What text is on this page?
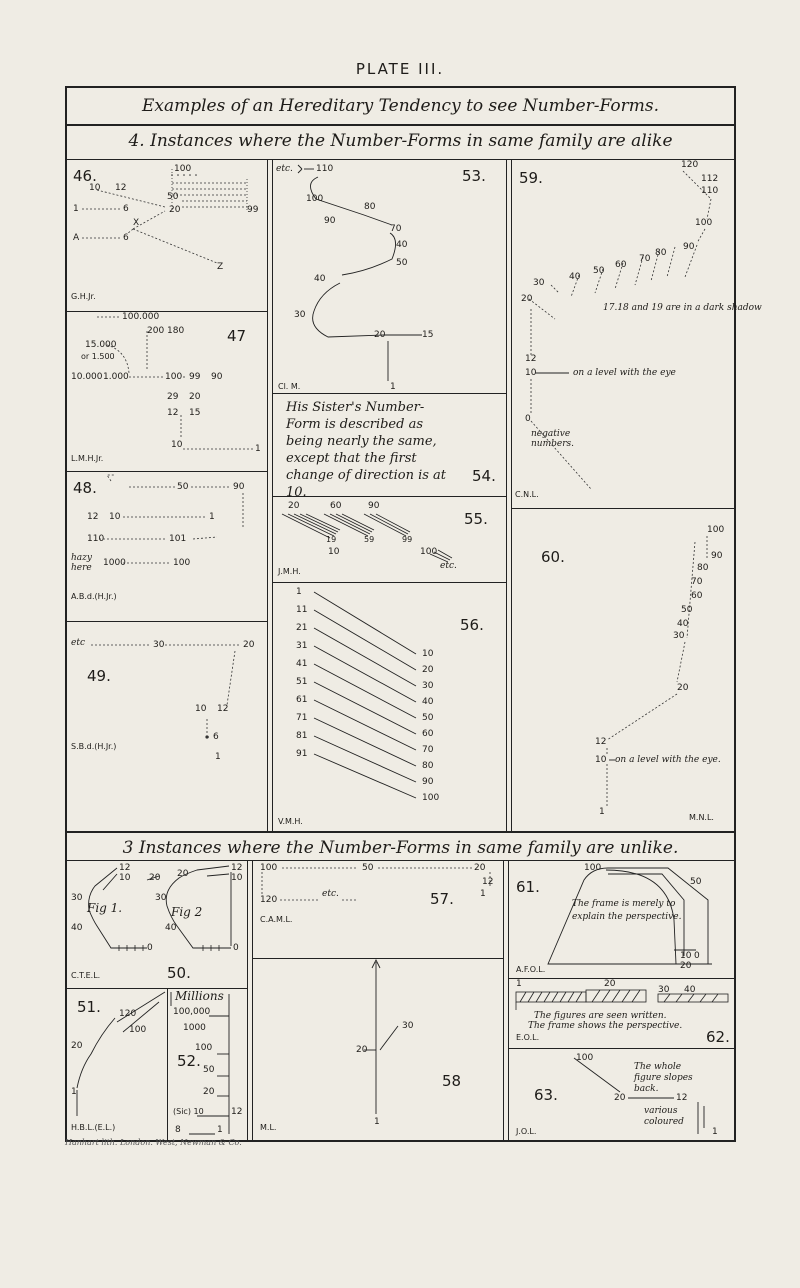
PLATE III.
Examples of an Hereditary Tendency to see Number-Forms.
4. Instances where the Number-Forms in same family are alike
3 Instances where the Number-Forms in same family are unlike.
46.	100
10 12
1	6
50
20
X
A	6
Z
99
G.H.Jr.
47
100.000
200 180
15.000
or 1.500
10.000 1.000	100 99 90
20
29
12 15
10	1
L.M.H.Jr.
48.	50	90
12 10	1
110	101
hazy here	1000	100
A.B.d.(H.Jr.)
49.
etc	30	20
10 12
6
1
S.B.d.(H.Jr.)
53.
etc.	110
100
80
90
70
40
40
50
30
20	15
1
Cl. M.
His Sister's Number-Form is described as being nearly the same, except that the first change of direction is at 10.
54.
55.
20	60	90
19	59	99
10	100
etc.
J.M.H.
56.
V.M.H.
1
10
11
20
21
30
31
40
41
50
51
60
61
70
71
80
81
90
91
100
59.
120
112
110
100
90
80
70
60
50
40
30
20
17.18 and 19 are in a dark shadow
12
10	on a level with the eye
0
negative numbers.
C.N.L.
60.
100
90
80
70
60
50
40
30
20
12
10 on a level with the eye.
1
M.N.L.
Fig 1.	Fig 2
12
10 20
30
40
0
12
10
20
30
40
0
50.
C.T.E.L.
51. 120
100
20
1
H.B.L.(E.L.)
Millions
100,000
1000
100
52. 50
20
(Sic) 10	12
8	1
100	50	20
12
120
etc.	1
57.
C.A.M.L.
30
20
1
58
M.L.
61.
100
50
10
20
0
The frame is merely to explain the perspective.
A.F.O.L.
1	20
30 40
The figures are seen written.
The frame shows the perspective.
E.O.L.	62.
100
63.
The whole figure slopes back.
20	12
various coloured
1
J.O.L.
Hanhart lith. London. West, Newman & Co.
